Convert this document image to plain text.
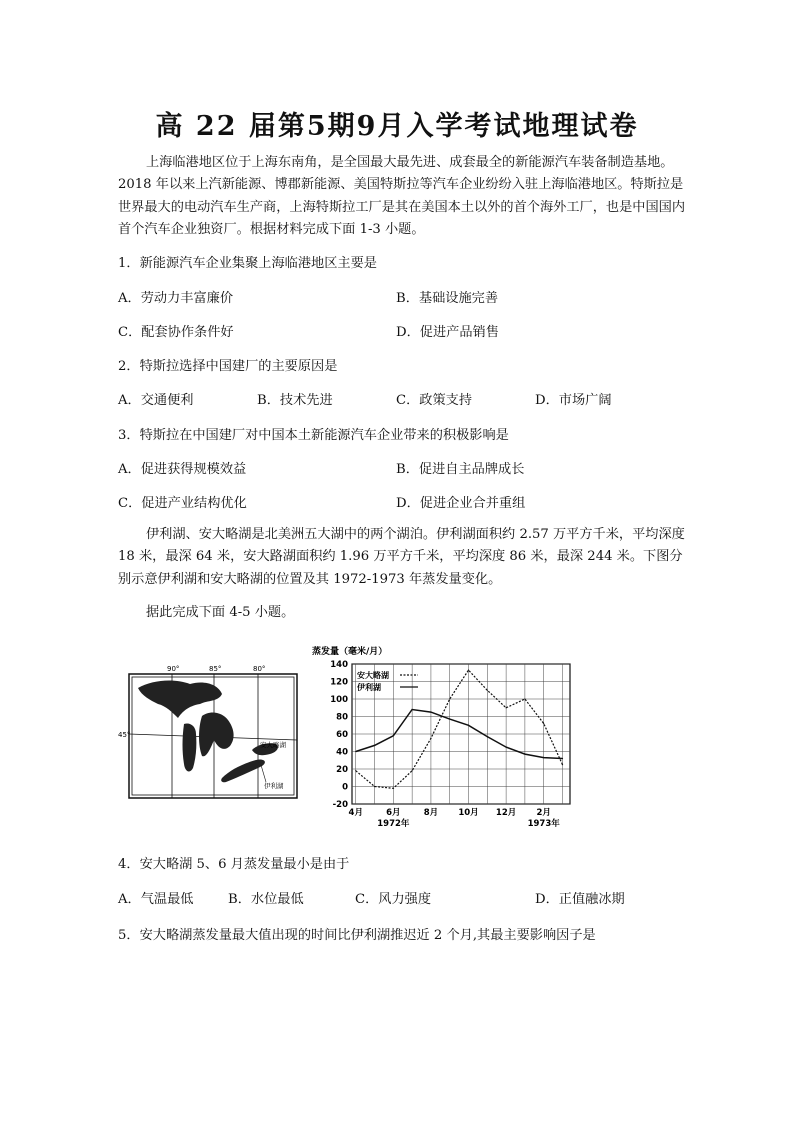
高 22 届第5期9月入学考试地理试卷
上海临港地区位于上海东南角，是全国最大最先进、成套最全的新能源汽车装备制造基地。2018 年以来上汽新能源、博郡新能源、美国特斯拉等汽车企业纷纷入驻上海临港地区。特斯拉是世界最大的电动汽车生产商，上海特斯拉工厂是其在美国本土以外的首个海外工厂，也是中国国内首个汽车企业独资厂。根据材料完成下面 1-3 小题。
1．新能源汽车企业集聚上海临港地区主要是
A．劳动力丰富廉价	B．基础设施完善
C．配套协作条件好	D．促进产品销售
2．特斯拉选择中国建厂的主要原因是
A．交通便利	B．技术先进	C．政策支持	D．市场广阔
3．特斯拉在中国建厂对中国本土新能源汽车企业带来的积极影响是
A．促进获得规模效益	B．促进自主品牌成长
C．促进产业结构优化	D．促进企业合并重组
伊利湖、安大略湖是北美洲五大湖中的两个湖泊。伊利湖面积约 2.57 万平方千米，平均深度 18 米，最深 64 米，安大路湖面积约 1.96 万平方千米，平均深度 86 米，最深 244 米。下图分别示意伊利湖和安大略湖的位置及其 1972-1973 年蒸发量变化。
据此完成下面 4-5 小题。
90°	85°	80°
45°
安大略湖
伊利湖
蒸发量（毫米/月）
-20
0
20
40
60
80
100
120
140
4月	6月	8月 10月 12月 2月
1972年	1973年
安大略湖
伊利湖
4．安大略湖 5、6 月蒸发量最小是由于
A．气温最低	B．水位最低	C．风力强度	D．正值融冰期
5．安大略湖蒸发量最大值出现的时间比伊利湖推迟近 2 个月,其最主要影响因子是
